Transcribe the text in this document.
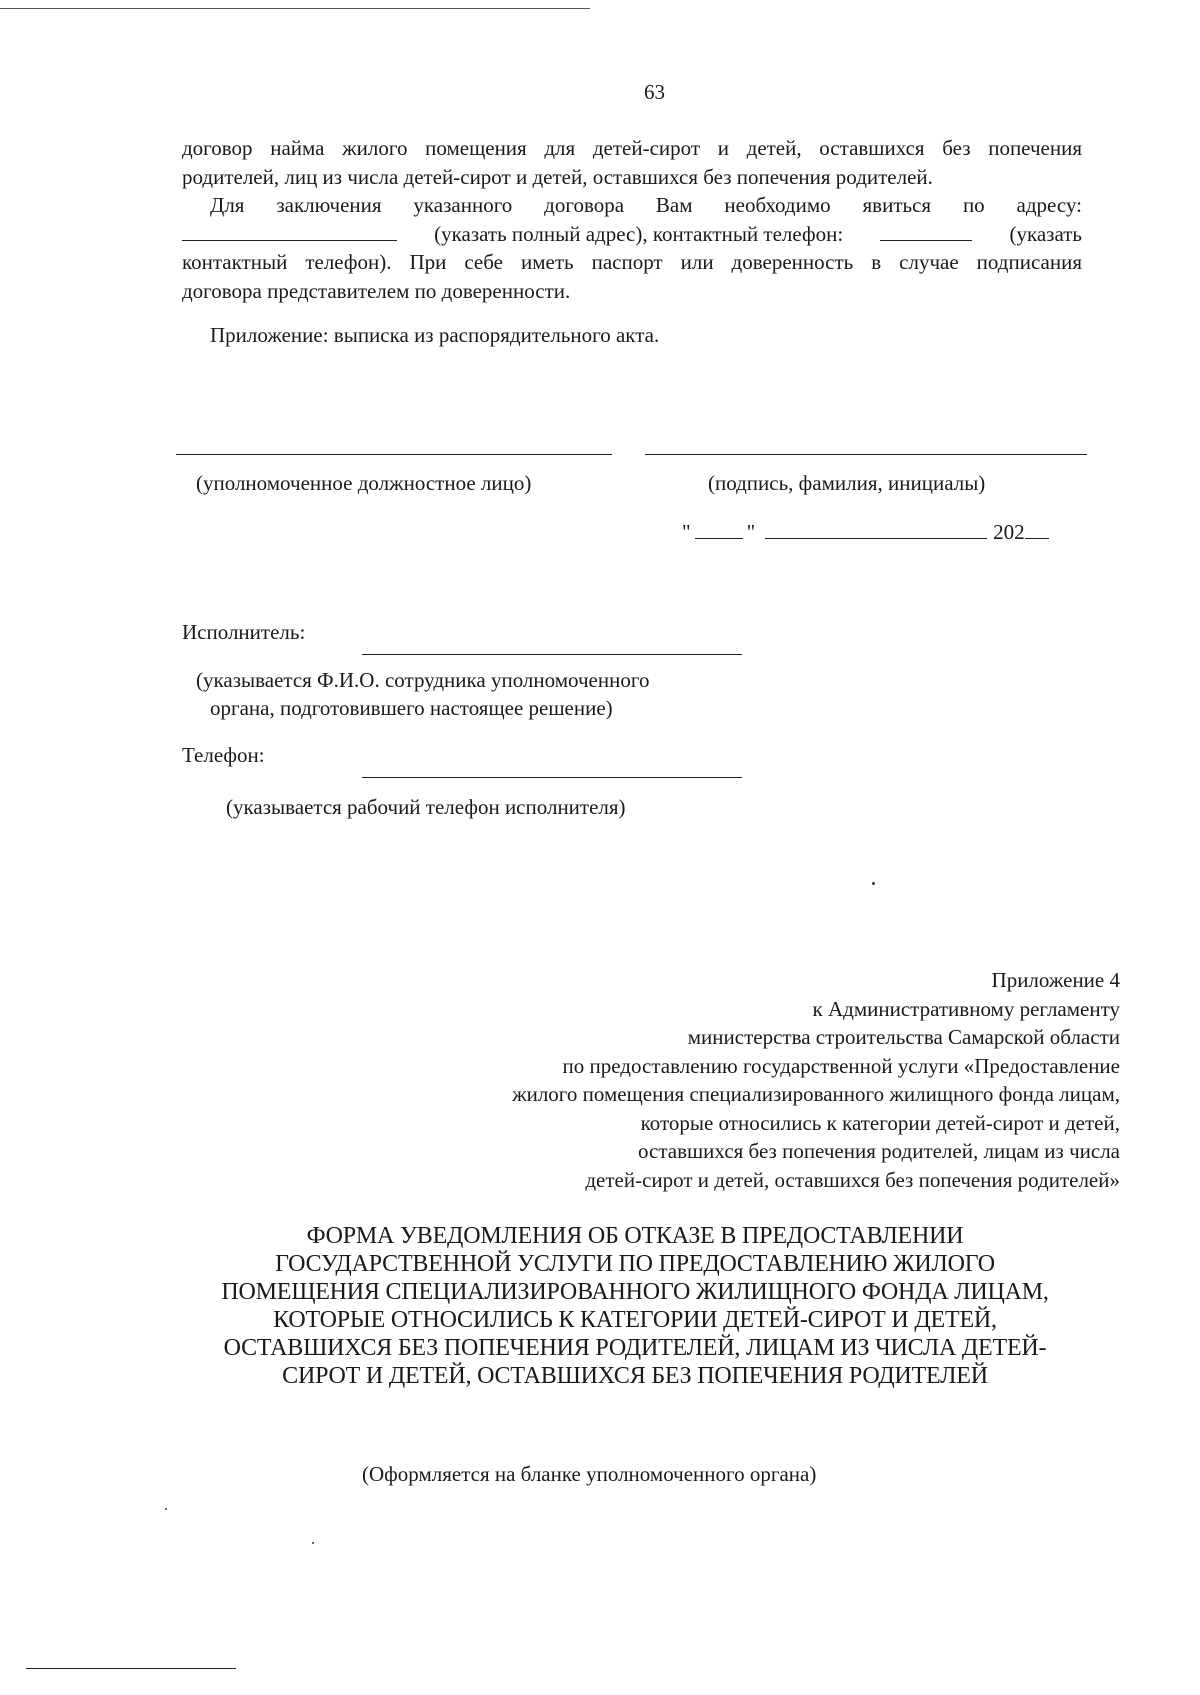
63
договор найма жилого помещения для детей-сирот и детей, оставшихся без попечения
родителей, лиц из числа детей-сирот и детей, оставшихся без попечения родителей.
Для заключения указанного договора Вам необходимо явиться по адресу:
(указать полный адрес), контактный телефон:	(указать
контактный телефон). При себе иметь паспорт или доверенность в случае подписания
договора представителем по доверенности.
Приложение: выписка из распорядительного акта.
(уполномоченное должностное лицо)	(подпись, фамилия, инициалы)
"	"	202
Исполнитель:
(указывается Ф.И.О. сотрудника уполномоченного
органа, подготовившего настоящее решение)
Телефон:
(указывается рабочий телефон исполнителя)
Приложение 4
к Административному регламенту
министерства строительства Самарской области
по предоставлению государственной услуги «Предоставление
жилого помещения специализированного жилищного фонда лицам,
которые относились к категории детей-сирот и детей,
оставшихся без попечения родителей, лицам из числа
детей-сирот и детей, оставшихся без попечения родителей»
ФОРМА УВЕДОМЛЕНИЯ ОБ ОТКАЗЕ В ПРЕДОСТАВЛЕНИИ
ГОСУДАРСТВЕННОЙ УСЛУГИ ПО ПРЕДОСТАВЛЕНИЮ ЖИЛОГО
ПОМЕЩЕНИЯ СПЕЦИАЛИЗИРОВАННОГО ЖИЛИЩНОГО ФОНДА ЛИЦАМ,
КОТОРЫЕ ОТНОСИЛИСЬ К КАТЕГОРИИ ДЕТЕЙ-СИРОТ И ДЕТЕЙ,
ОСТАВШИХСЯ БЕЗ ПОПЕЧЕНИЯ РОДИТЕЛЕЙ, ЛИЦАМ ИЗ ЧИСЛА ДЕТЕЙ-
СИРОТ И ДЕТЕЙ, ОСТАВШИХСЯ БЕЗ ПОПЕЧЕНИЯ РОДИТЕЛЕЙ
(Оформляется на бланке уполномоченного органа)
